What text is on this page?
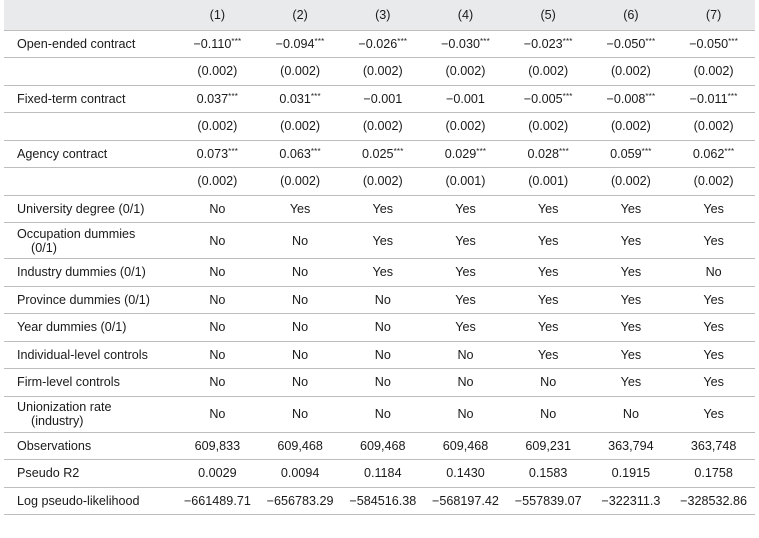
	(1)	(2)	(3)	(4)	(5)	(6)	(7)

Open-ended contract	−0.110***	−0.094***	−0.026***	−0.030***	−0.023***	−0.050***	−0.050***

	(0.002)	(0.002)	(0.002)	(0.002)	(0.002)	(0.002)	(0.002)

Fixed-term contract	0.037***	0.031***	−0.001	−0.001	−0.005***	−0.008***	−0.011***

	(0.002)	(0.002)	(0.002)	(0.002)	(0.002)	(0.002)	(0.002)

Agency contract	0.073***	0.063***	0.025***	0.029***	0.028***	0.059***	0.062***

	(0.002)	(0.002)	(0.002)	(0.001)	(0.001)	(0.002)	(0.002)

University degree (0/1)	No	Yes	Yes	Yes	Yes	Yes	Yes

Occupation dummies
(0/1)	No	No	Yes	Yes	Yes	Yes	Yes

Industry dummies (0/1)	No	No	Yes	Yes	Yes	Yes	No

Province dummies (0/1)	No	No	No	Yes	Yes	Yes	Yes

Year dummies (0/1)	No	No	No	Yes	Yes	Yes	Yes

Individual-level controls	No	No	No	No	Yes	Yes	Yes

Firm-level controls	No	No	No	No	No	Yes	Yes

Unionization rate
(industry)	No	No	No	No	No	No	Yes

Observations	609,833	609,468	609,468	609,468	609,231	363,794	363,748

Pseudo R2	0.0029	0.0094	0.1184	0.1430	0.1583	0.1915	0.1758

Log pseudo-likelihood	−661489.71	−656783.29	−584516.38	−568197.42	−557839.07	−322311.3	−328532.86
